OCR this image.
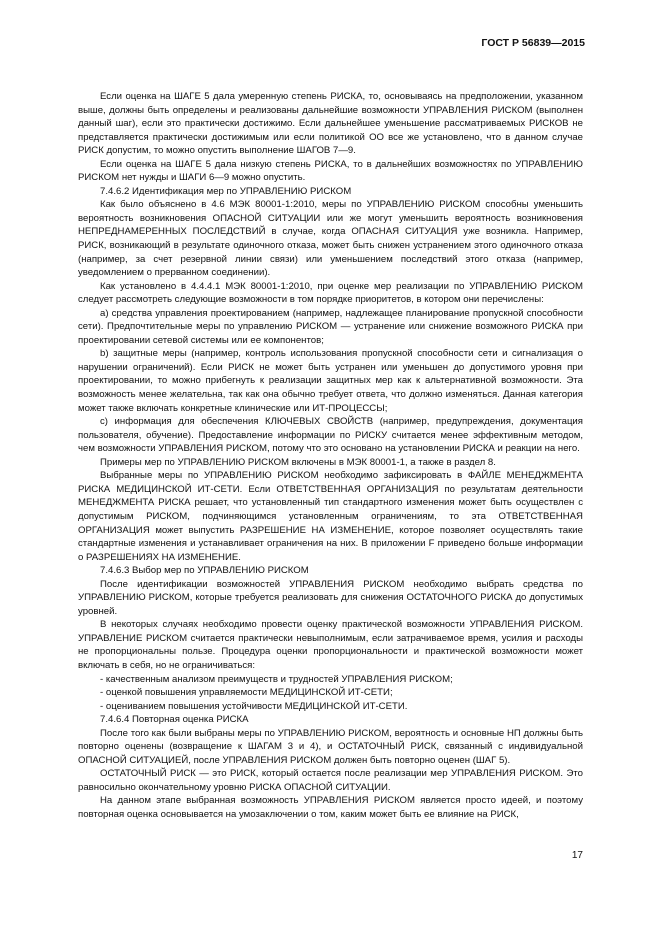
ГОСТ Р 56839—2015

Если оценка на ШАГЕ 5 дала умеренную степень РИСКА, то, основываясь на предположении, указанном выше, должны быть определены и реализованы дальнейшие возможности УПРАВЛЕНИЯ РИСКОМ (выполнен данный шаг), если это практически достижимо. Если дальнейшее уменьшение рассматриваемых РИСКОВ не представляется практически достижимым или если политикой ОО все же установлено, что в данном случае РИСК допустим, то можно опустить выполнение ШАГОВ 7—9.

Если оценка на ШАГЕ 5 дала низкую степень РИСКА, то в дальнейших возможностях по УПРАВЛЕНИЮ РИСКОМ нет нужды и ШАГИ 6—9 можно опустить.

7.4.6.2 Идентификация мер по УПРАВЛЕНИЮ РИСКОМ

Как было объяснено в 4.6 МЭК 80001-1:2010, меры по УПРАВЛЕНИЮ РИСКОМ способны уменьшить вероятность возникновения ОПАСНОЙ СИТУАЦИИ или же могут уменьшить вероятность возникновения НЕПРЕДНАМЕРЕННЫХ ПОСЛЕДСТВИЙ в случае, когда ОПАСНАЯ СИТУАЦИЯ уже возникла. Например, РИСК, возникающий в результате одиночного отказа, может быть снижен устранением этого одиночного отказа (например, за счет резервной линии связи) или уменьшением последствий этого отказа (например, уведомлением о прерванном соединении).

Как установлено в 4.4.4.1 МЭК 80001-1:2010, при оценке мер реализации по УПРАВЛЕНИЮ РИСКОМ следует рассмотреть следующие возможности в том порядке приоритетов, в котором они перечислены:

а) средства управления проектированием (например, надлежащее планирование пропускной способности сети). Предпочтительные меры по управлению РИСКОМ — устранение или снижение возможного РИСКА при проектировании сетевой системы или ее компонентов;

b) защитные меры (например, контроль использования пропускной способности сети и сигнализация о нарушении ограничений). Если РИСК не может быть устранен или уменьшен до допустимого уровня при проектировании, то можно прибегнуть к реализации защитных мер как к альтернативной возможности. Эта возможность менее желательна, так как она обычно требует ответа, что должно изменяться. Данная категория может также включать конкретные клинические или ИТ-ПРОЦЕССЫ;

c) информация для обеспечения КЛЮЧЕВЫХ СВОЙСТВ (например, предупреждения, документация пользователя, обучение). Предоставление информации по РИСКУ считается менее эффективным методом, чем возможности УПРАВЛЕНИЯ РИСКОМ, потому что это основано на установлении РИСКА и реакции на него.

Примеры мер по УПРАВЛЕНИЮ РИСКОМ включены в МЭК 80001-1, а также в раздел 8.

Выбранные меры по УПРАВЛЕНИЮ РИСКОМ необходимо зафиксировать в ФАЙЛЕ МЕНЕДЖМЕНТА РИСКА МЕДИЦИНСКОЙ ИТ-СЕТИ. Если ОТВЕТСТВЕННАЯ ОРГАНИЗАЦИЯ по результатам деятельности МЕНЕДЖМЕНТА РИСКА решает, что установленный тип стандартного изменения может быть осуществлен с допустимым РИСКОМ, подчиняющимся установленным ограничениям, то эта ОТВЕТСТВЕННАЯ ОРГАНИЗАЦИЯ может выпустить РАЗРЕШЕНИЕ НА ИЗМЕНЕНИЕ, которое позволяет осуществлять такие стандартные изменения и устанавливает ограничения на них. В приложении F приведено больше информации о РАЗРЕШЕНИЯХ НА ИЗМЕНЕНИЕ.

7.4.6.3 Выбор мер по УПРАВЛЕНИЮ РИСКОМ

После идентификации возможностей УПРАВЛЕНИЯ РИСКОМ необходимо выбрать средства по УПРАВЛЕНИЮ РИСКОМ, которые требуется реализовать для снижения ОСТАТОЧНОГО РИСКА до допустимых уровней.

В некоторых случаях необходимо провести оценку практической возможности УПРАВЛЕНИЯ РИСКОМ. УПРАВЛЕНИЕ РИСКОМ считается практически невыполнимым, если затрачиваемое время, усилия и расходы не пропорциональны пользе. Процедура оценки пропорциональности и практической возможности может включать в себя, но не ограничиваться:

- качественным анализом преимуществ и трудностей УПРАВЛЕНИЯ РИСКОМ;

- оценкой повышения управляемости МЕДИЦИНСКОЙ ИТ-СЕТИ;

- оцениванием повышения устойчивости МЕДИЦИНСКОЙ ИТ-СЕТИ.

7.4.6.4 Повторная оценка РИСКА

После того как были выбраны меры по УПРАВЛЕНИЮ РИСКОМ, вероятность и основные НП должны быть повторно оценены (возвращение к ШАГАМ 3 и 4), и ОСТАТОЧНЫЙ РИСК, связанный с индивидуальной ОПАСНОЙ СИТУАЦИЕЙ, после УПРАВЛЕНИЯ РИСКОМ должен быть повторно оценен (ШАГ 5).

ОСТАТОЧНЫЙ РИСК — это РИСК, который остается после реализации мер УПРАВЛЕНИЯ РИСКОМ. Это равносильно окончательному уровню РИСКА ОПАСНОЙ СИТУАЦИИ.

На данном этапе выбранная возможность УПРАВЛЕНИЯ РИСКОМ является просто идеей, и поэтому повторная оценка основывается на умозаключении о том, каким может быть ее влияние на РИСК,

17
